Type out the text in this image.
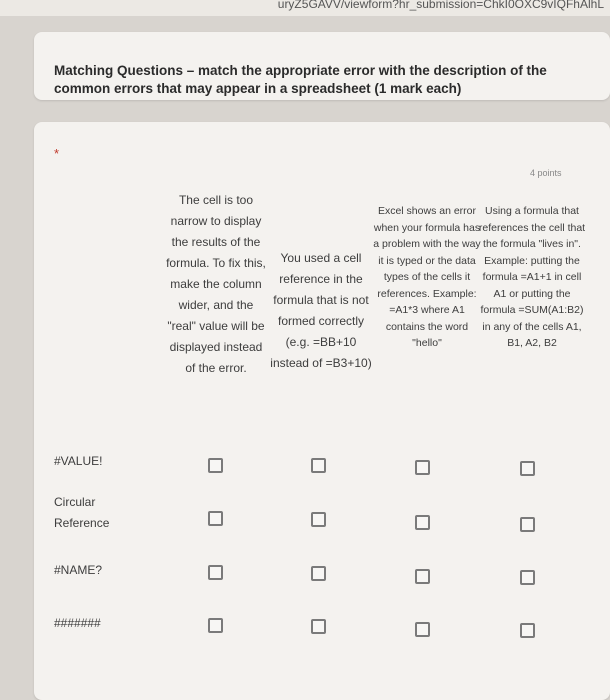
uryZ5GAVV/viewform?hr_submission=ChkI0OXC9vIQFhAlhL
Matching Questions – match the appropriate error with the description of the common errors that may appear in a spreadsheet (1 mark each)
*
4 points
The cell is too narrow to display the results of the formula. To fix this, make the column wider, and the "real" value will be displayed instead of the error.
You used a cell reference in the formula that is not formed correctly (e.g. =BB+10 instead of =B3+10)
Excel shows an error when your formula has a problem with the way it is typed or the data types of the cells it references. Example: =A1*3 where A1 contains the word "hello"
Using a formula that references the cell that the formula "lives in". Example: putting the formula =A1+1 in cell A1 or putting the formula =SUM(A1:B2) in any of the cells A1, B1, A2, B2
#VALUE!
Circular Reference
#NAME?
#######
